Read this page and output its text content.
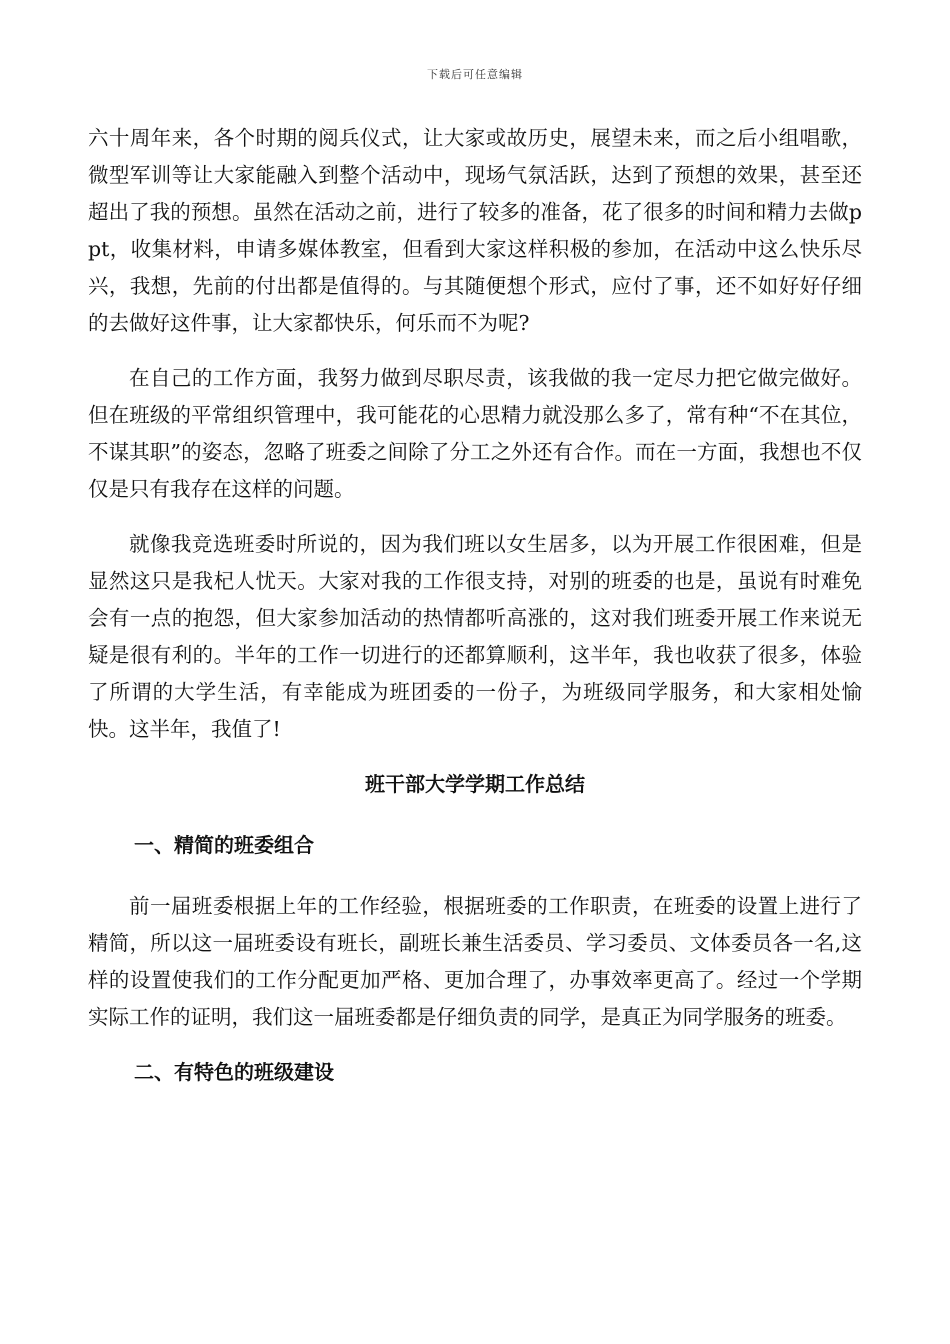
下载后可任意编辑

六十周年来，各个时期的阅兵仪式，让大家或故历史，展望未来，而之后小组唱歌，微型军训等让大家能融入到整个活动中，现场气氛活跃，达到了预想的效果，甚至还超出了我的预想。虽然在活动之前，进行了较多的准备，花了很多的时间和精力去做ppt，收集材料，申请多媒体教室，但看到大家这样积极的参加，在活动中这么快乐尽兴，我想，先前的付出都是值得的。与其随便想个形式，应付了事，还不如好好仔细的去做好这件事，让大家都快乐，何乐而不为呢?

在自己的工作方面，我努力做到尽职尽责，该我做的我一定尽力把它做完做好。但在班级的平常组织管理中，我可能花的心思精力就没那么多了，常有种“不在其位，不谋其职”的姿态，忽略了班委之间除了分工之外还有合作。而在一方面，我想也不仅仅是只有我存在这样的问题。

就像我竞选班委时所说的，因为我们班以女生居多，以为开展工作很困难，但是显然这只是我杞人忧天。大家对我的工作很支持，对别的班委的也是，虽说有时难免会有一点的抱怨，但大家参加活动的热情都听高涨的，这对我们班委开展工作来说无疑是很有利的。半年的工作一切进行的还都算顺利，这半年，我也收获了很多，体验了所谓的大学生活，有幸能成为班团委的一份子，为班级同学服务，和大家相处愉快。这半年，我值了!

班干部大学学期工作总结
一、精简的班委组合

前一届班委根据上年的工作经验，根据班委的工作职责，在班委的设置上进行了精简，所以这一届班委设有班长，副班长兼生活委员、学习委员、文体委员各一名,这样的设置使我们的工作分配更加严格、更加合理了，办事效率更高了。经过一个学期实际工作的证明，我们这一届班委都是仔细负责的同学，是真正为同学服务的班委。

二、有特色的班级建设
